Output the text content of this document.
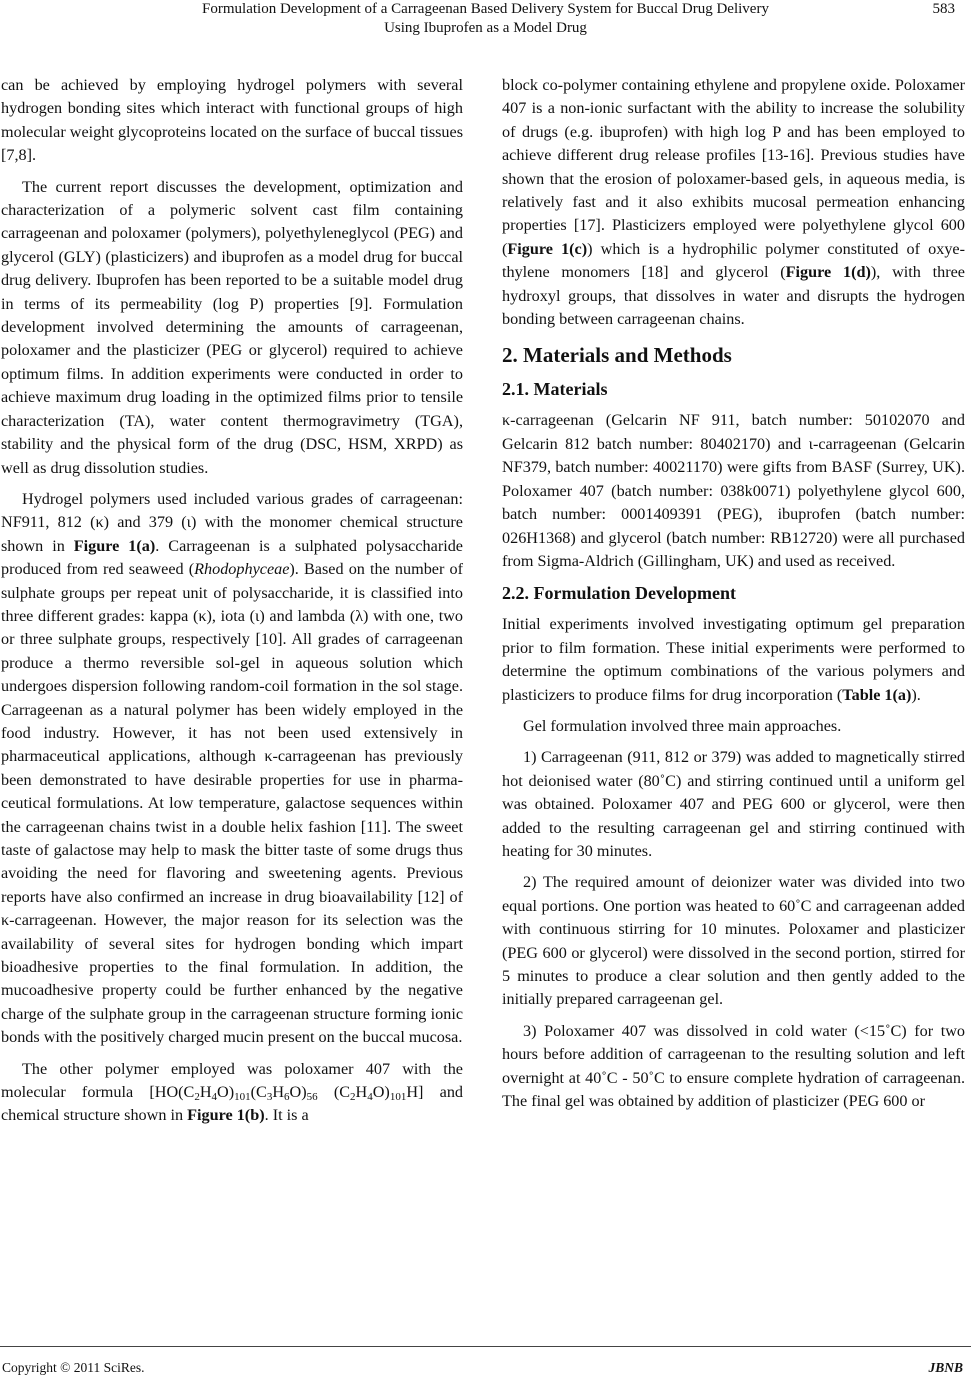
Formulation Development of a Carrageenan Based Delivery System for Buccal Drug Delivery
Using Ibuprofen as a Model Drug
583

can be achieved by employing hydrogel polymers with several hydrogen bonding sites which interact with functional groups of high molecular weight glycoproteins located on the surface of buccal tissues [7,8].

The current report discusses the development, optimization and characterization of a polymeric solvent cast film containing carrageenan and poloxamer (polymers), polyethyleneglycol (PEG) and glycerol (GLY) (plasticizers) and ibuprofen as a model drug for buccal drug delivery. Ibuprofen has been reported to be a suitable model drug in terms of its permeability (log P) properties [9]. Formulation development involved determining the amounts of carrageenan, poloxamer and the plasticizer (PEG or glycerol) required to achieve optimum films. In addition experiments were conducted in order to achieve maximum drug loading in the optimized films prior to tensile characterization (TA), water content thermogravimetry (TGA), stability and the physical form of the drug (DSC, HSM, XRPD) as well as drug dissolution studies.

Hydrogel polymers used included various grades of carrageenan: NF911, 812 (κ) and 379 (ι) with the monomer chemical structure shown in Figure 1(a). Carrageenan is a sulphated polysaccharide produced from red seaweed (Rhodophyceae). Based on the number of sulphate groups per repeat unit of polysaccharide, it is classified into three different grades: kappa (κ), iota (ι) and lambda (λ) with one, two or three sulphate groups, respectively [10]. All grades of carrageenan produce a thermo reversible sol-gel in aqueous solution which undergoes dispersion following random-coil formation in the sol stage. Carrageenan as a natural polymer has been widely employed in the food industry. However, it has not been used extensively in pharmaceutical applications, although κ-carrageenan has previously been demonstrated to have desirable properties for use in pharmaceutical formulations. At low temperature, galactose sequences within the carrageenan chains twist in a double helix fashion [11]. The sweet taste of galactose may help to mask the bitter taste of some drugs thus avoiding the need for flavoring and sweetening agents. Previous reports have also confirmed an increase in drug bioavailability [12] of κ-carrageenan. However, the major reason for its selection was the availability of several sites for hydrogen bonding which impart bioadhesive properties to the final formulation. In addition, the mucoadhesive property could be further enhanced by the negative charge of the sulphate group in the carrageenan structure forming ionic bonds with the positively charged mucin present on the buccal mucosa.

The other polymer employed was poloxamer 407 with the molecular formula [$HO(C_2H_4O)_{101}(C_3H_6O)_{56}$ $(C_2H_4O)_{101}H$] and chemical structure shown in Figure 1(b). It is a

block co-polymer containing ethylene and propylene oxide. Poloxamer 407 is a non-ionic surfactant with the ability to increase the solubility of drugs (e.g. ibuprofen) with high log P and has been employed to achieve different drug release profiles [13-16]. Previous studies have shown that the erosion of poloxamer-based gels, in aqueous media, is relatively fast and it also exhibits mucosal permeation enhancing properties [17]. Plasticizers employed were polyethylene glycol 600 (Figure 1(c)) which is a hydrophilic polymer constituted of oxyethylene monomers [18] and glycerol (Figure 1(d)), with three hydroxyl groups, that dissolves in water and disrupts the hydrogen bonding between carrageenan chains.

2. Materials and Methods
2.1. Materials

κ-carrageenan (Gelcarin NF 911, batch number: 50102070 and Gelcarin 812 batch number: 80402170) and ι-carrageenan (Gelcarin NF379, batch number: 40021170) were gifts from BASF (Surrey, UK). Poloxamer 407 (batch number: 038k0071) polyethylene glycol 600, batch number: 0001409391 (PEG), ibuprofen (batch number: 026H1368) and glycerol (batch number: RB12720) were all purchased from Sigma-Aldrich (Gillingham, UK) and used as received.

2.2. Formulation Development

Initial experiments involved investigating optimum gel preparation prior to film formation. These initial experiments were performed to determine the optimum combinations of the various polymers and plasticizers to produce films for drug incorporation (Table 1(a)).

Gel formulation involved three main approaches.

1) Carrageenan (911, 812 or 379) was added to magnetically stirred hot deionised water (80˚C) and stirring continued until a uniform gel was obtained. Poloxamer 407 and PEG 600 or glycerol, were then added to the resulting carrageenan gel and stirring continued with heating for 30 minutes.

2) The required amount of deionizer water was divided into two equal portions. One portion was heated to 60˚C and carrageenan added with continuous stirring for 10 minutes. Poloxamer and plasticizer (PEG 600 or glycerol) were dissolved in the second portion, stirred for 5 minutes to produce a clear solution and then gently added to the initially prepared carrageenan gel.

3) Poloxamer 407 was dissolved in cold water (<15˚C) for two hours before addition of carrageenan to the resulting solution and left overnight at 40˚C - 50˚C to ensure complete hydration of carrageenan. The final gel was obtained by addition of plasticizer (PEG 600 or

Copyright © 2011 SciRes.	JBNB
